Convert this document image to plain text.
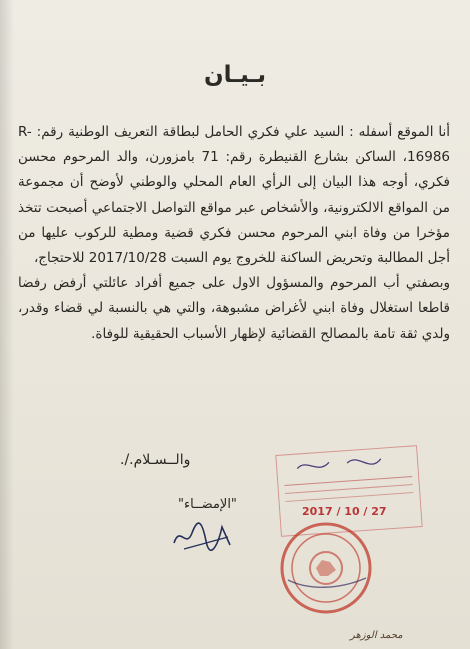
بـيـان

أنا الموقع أسفله : السيد علي فكري الحامل لبطاقة التعريف الوطنية رقم: R-16986، الساكن بشارع القنيطرة رقم: 71 بامزورن، والد المرحوم محسن فكري، أوجه هذا البيان إلى الرأي العام المحلي والوطني لأوضح أن مجموعة من المواقع الالكترونية، والأشخاص عبر مواقع التواصل الاجتماعي أصبحت تتخذ مؤخرا من وفاة ابني المرحوم محسن فكري قضية ومطية للركوب عليها من أجل المطالبة وتحريض الساكنة للخروج يوم السبت 2017/10/28 للاحتجاج،

وبصفتي أب المرحوم والمسؤول الاول على جميع أفراد عائلتي أرفض رفضا قاطعا استغلال وفاة ابني لأغراض مشبوهة، والتي هي بالنسبة لي قضاء وقدر، ولدي ثقة تامة بالمصالح القضائية لإظهار الأسباب الحقيقية للوفاة.

والــسـلام./.
"الإمضــاء"	2017 / 10 / 27
محمد الوزهر
